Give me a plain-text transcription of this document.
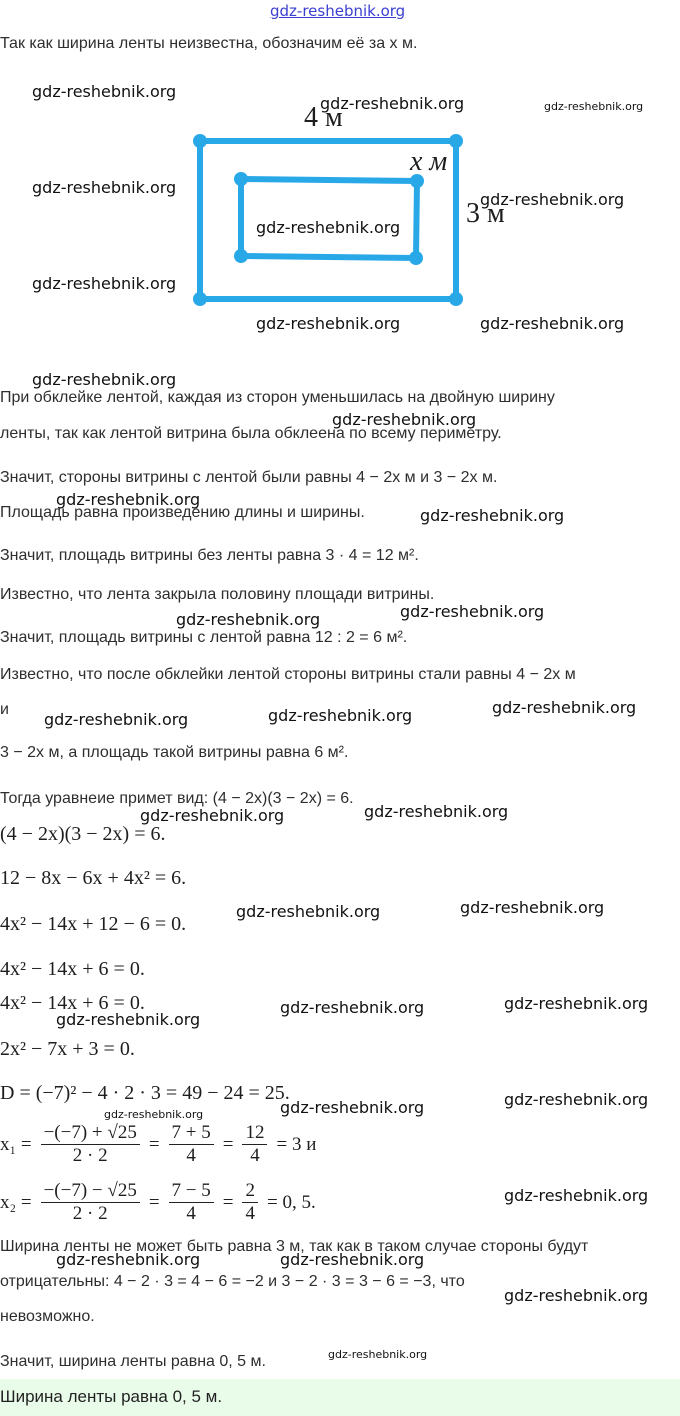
gdz-reshebnik.org
Так как ширина ленты неизвестна, обозначим её за x м.
4 м
3 м
x м
При обклейке лентой, каждая из сторон уменьшилась на двойную ширину
ленты, так как лентой витрина была обклеена по всему периметру.
Значит, стороны витрины с лентой были равны 4 − 2x м и 3 − 2x м.
Площадь равна произведению длины и ширины.
Значит, площадь витрины без ленты равна 3 · 4 = 12 м².
Известно, что лента закрыла половину площади витрины.
Значит, площадь витрины с лентой равна 12 : 2 = 6 м².
Известно, что после обклейки лентой стороны витрины стали равны 4 − 2x м
и
3 − 2x м, а площадь такой витрины равна 6 м².
Тогда уравнеие примет вид: (4 − 2x)(3 − 2x) = 6.
(4 − 2x)(3 − 2x) = 6.
12 − 8x − 6x + 4x² = 6.
4x² − 14x + 12 − 6 = 0.
4x² − 14x + 6 = 0.
4x² − 14x + 6 = 0.
2x² − 7x + 3 = 0.
D = (−7)² − 4 · 2 · 3 = 49 − 24 = 25.
$x_1 = \frac{-(-7) + √25}{2 \cdot 2} = \frac{7 + 5}{4} = \frac{12}{4} = 3$ и
$x_2 = \frac{-(-7) - √25}{2 \cdot 2} = \frac{7 - 5}{4} = \frac{2}{4} = 0$, 5.
Ширина ленты не может быть равна 3 м, так как в таком случае стороны будут
отрицательны: 4 − 2 · 3 = 4 − 6 = −2 и 3 − 2 · 3 = 3 − 6 = −3, что
невозможно.
Значит, ширина ленты равна 0, 5 м.
Ширина ленты равна 0, 5 м.
gdz-reshebnik.org
gdz-reshebnik.org	gdz-reshebnik.org
gdz-reshebnik.org
gdz-reshebnik.org
gdz-reshebnik.org
gdz-reshebnik.org
gdz-reshebnik.org	gdz-reshebnik.org
gdz-reshebnik.org
gdz-reshebnik.org
gdz-reshebnik.org
gdz-reshebnik.org
gdz-reshebnik.org
gdz-reshebnik.org
gdz-reshebnik.org
gdz-reshebnik.org
gdz-reshebnik.org
gdz-reshebnik.org
gdz-reshebnik.org
gdz-reshebnik.org	gdz-reshebnik.org
gdz-reshebnik.org	gdz-reshebnik.org
gdz-reshebnik.org
gdz-reshebnik.org	gdz-reshebnik.org
gdz-reshebnik.org
gdz-reshebnik.org
gdz-reshebnik.org	gdz-reshebnik.org
gdz-reshebnik.org
gdz-reshebnik.org
